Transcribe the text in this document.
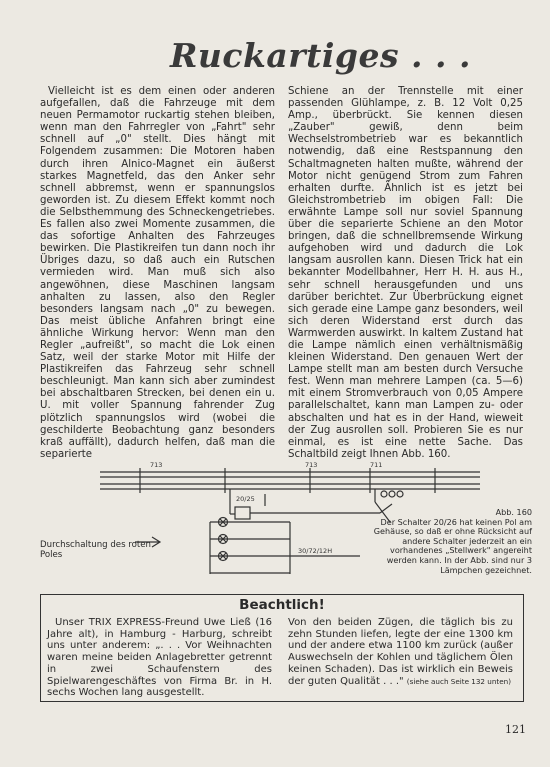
Ruckartiges . . .

Vielleicht ist es dem einen oder anderen aufgefallen, daß die Fahrzeuge mit dem neuen Permamotor ruckartig stehen bleiben, wenn man den Fahrregler von „Fahrt" sehr schnell auf „0" stellt. Dies hängt mit Folgendem zusammen: Die Motoren haben durch ihren Alnico-Magnet ein äußerst starkes Magnetfeld, das den Anker sehr schnell abbremst, wenn er spannungslos geworden ist. Zu diesem Effekt kommt noch die Selbsthemmung des Schneckengetriebes. Es fallen also zwei Momente zusammen, die das sofortige Anhalten des Fahrzeuges bewirken. Die Plastikreifen tun dann noch ihr Übriges dazu, so daß auch ein Rutschen vermieden wird. Man muß sich also angewöhnen, diese Maschinen langsam anhalten zu lassen, also den Regler besonders langsam nach „0" zu bewegen. Das meist übliche Anfahren bringt eine ähnliche Wirkung hervor: Wenn man den Regler „aufreißt", so macht die Lok einen Satz, weil der starke Motor mit Hilfe der Plastikreifen das Fahrzeug sehr schnell beschleunigt. Man kann sich aber zumindest bei abschaltbaren Strecken, bei denen ein u. U. mit voller Spannung fahrender Zug plötzlich spannungslos wird (wobei die geschilderte Beobachtung ganz besonders kraß auffällt), dadurch helfen, daß man die separierte

Schiene an der Trennstelle mit einer passenden Glühlampe, z. B. 12 Volt 0,25 Amp., überbrückt. Sie kennen diesen „Zauber" gewiß, denn beim Wechselstrombetrieb war es bekanntlich notwendig, daß eine Restspannung den Schaltmagneten halten mußte, während der Motor nicht genügend Strom zum Fahren erhalten durfte. Ähnlich ist es jetzt bei Gleichstrombetrieb im obigen Fall: Die erwähnte Lampe soll nur soviel Spannung über die separierte Schiene an den Motor bringen, daß die schnellbremsende Wirkung aufgehoben wird und dadurch die Lok langsam ausrollen kann. Diesen Trick hat ein bekannter Modellbahner, Herr H. H. aus H., sehr schnell herausgefunden und uns darüber berichtet. Zur Überbrückung eignet sich gerade eine Lampe ganz besonders, weil sich deren Widerstand erst durch das Warmwerden auswirkt. In kaltem Zustand hat die Lampe nämlich einen verhältnismäßig kleinen Widerstand. Den genauen Wert der Lampe stellt man am besten durch Versuche fest. Wenn man mehrere Lampen (ca. 5—6) mit einem Stromverbrauch von 0,05 Ampere parallelschaltet, kann man Lampen zu- oder abschalten und hat es in der Hand, wieweit der Zug ausrollen soll. Probieren Sie es nur einmal, es ist eine nette Sache. Das Schaltbild zeigt Ihnen Abb. 160.

713	713	711
20/25
30/72/12H
Durchschaltung des roten Poles
Abb. 160
Der Schalter 20/26 hat keinen Pol am Gehäuse, so daß er ohne Rücksicht auf andere Schalter jederzeit an ein vorhandenes „Stellwerk" angereiht werden kann. In der Abb. sind nur 3 Lämpchen gezeichnet.
Beachtlich!

Unser TRIX EXPRESS-Freund Uwe Ließ (16 Jahre alt), in Hamburg - Harburg, schreibt uns unter anderem: „. . . Vor Weihnachten waren meine beiden Anlagebretter getrennt in zwei Schaufenstern des Spielwarengeschäftes von Firma Br. in H. sechs Wochen lang ausgestellt.

Von den beiden Zügen, die täglich bis zu zehn Stunden liefen, legte der eine 1300 km und der andere etwa 1100 km zurück (außer Auswechseln der Kohlen und täglichem Ölen keinen Schaden). Das ist wirklich ein Beweis der guten Qualität . . ." (siehe auch Seite 132 unten)

121
